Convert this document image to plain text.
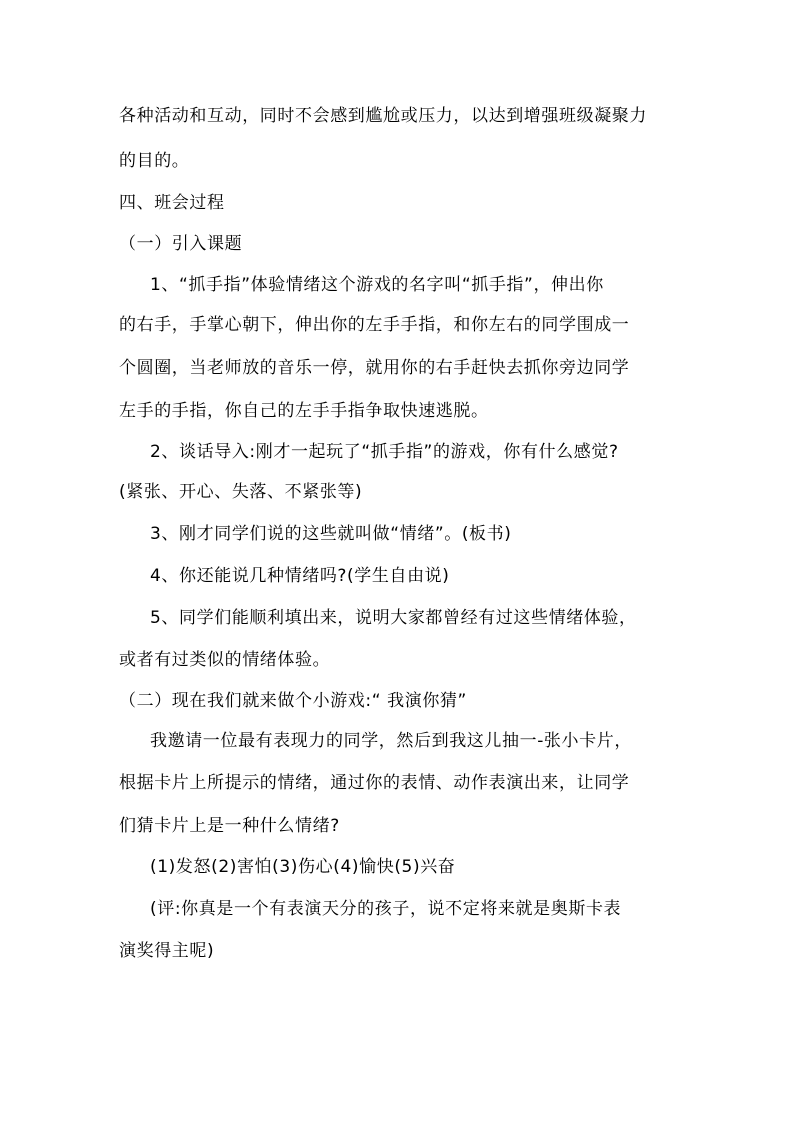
各种活动和互动，同时不会感到尴尬或压力，以达到增强班级凝聚力
的目的。
四、班会过程
（一）引入课题
1、“抓手指”体验情绪这个游戏的名字叫“抓手指”，伸出你
的右手，手掌心朝下，伸出你的左手手指，和你左右的同学围成一
个圆圈，当老师放的音乐一停，就用你的右手赶快去抓你旁边同学
左手的手指，你自己的左手手指争取快速逃脱。
2、谈话导入:刚才一起玩了“抓手指”的游戏，你有什么感觉?
(紧张、开心、失落、不紧张等)
3、刚才同学们说的这些就叫做“情绪”。(板书)
4、你还能说几种情绪吗?(学生自由说)
5、同学们能顺利填出来，说明大家都曾经有过这些情绪体验，
或者有过类似的情绪体验。
（二）现在我们就来做个小游戏:“ 我演你猜”
我邀请一位最有表现力的同学，然后到我这儿抽一-张小卡片，
根据卡片上所提示的情绪，通过你的表情、动作表演出来，让同学
们猜卡片上是一种什么情绪?
(1)发怒(2)害怕(3)伤心(4)愉快(5)兴奋
(评:你真是一个有表演天分的孩子，说不定将来就是奥斯卡表
演奖得主呢)
